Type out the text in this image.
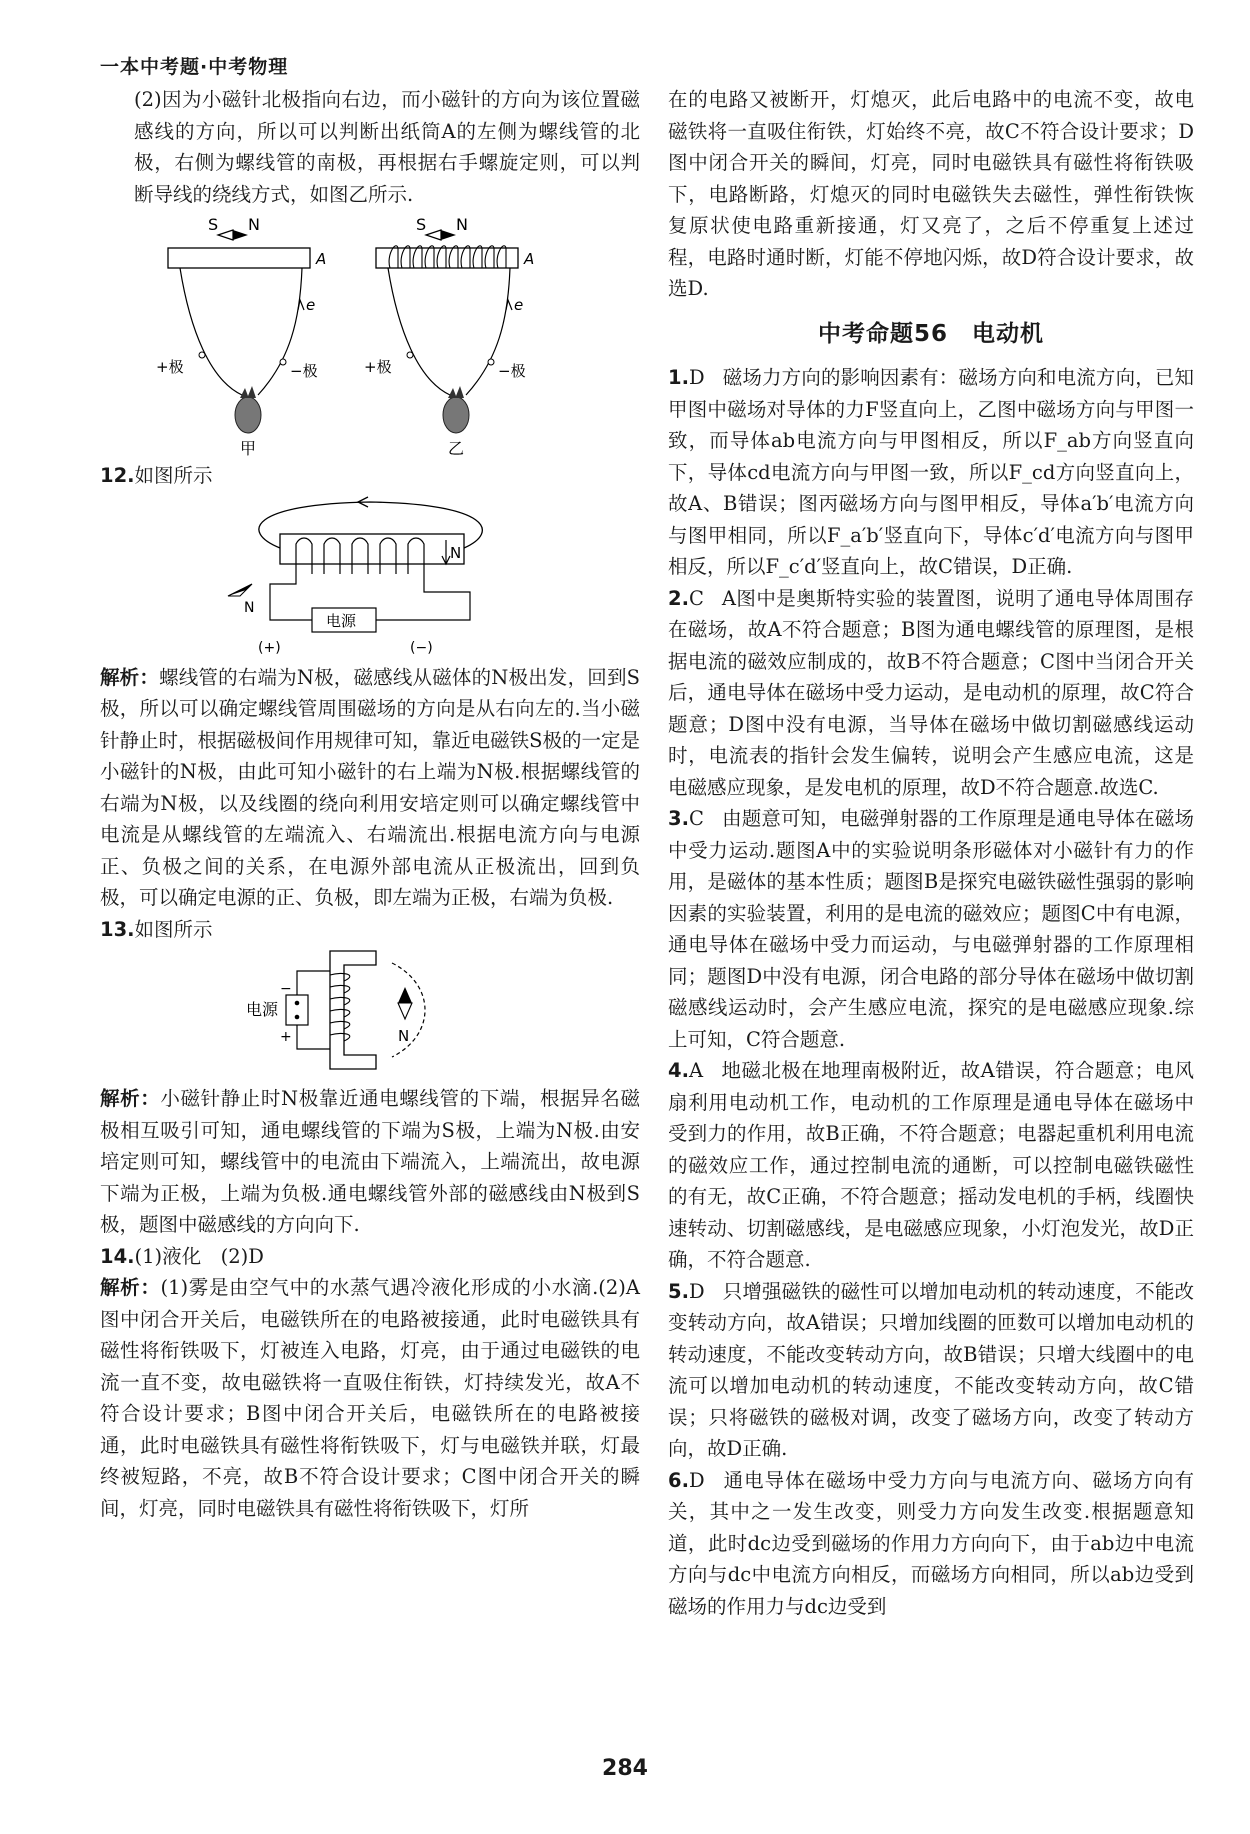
一本中考题·中考物理

(2)因为小磁针北极指向右边，而小磁针的方向为该位置磁感线的方向，所以可以判断出纸筒A的左侧为螺线管的北极，右侧为螺线管的南极，再根据右手螺旋定则，可以判断导线的绕线方式，如图乙所示.

S N
A
e
+极	−极
甲
S N
A
e
+极	−极
乙

12.如图所示

N
电源
(+)	(−)
N

解析：螺线管的右端为N极，磁感线从磁体的N极出发，回到S极，所以可以确定螺线管周围磁场的方向是从右向左的.当小磁针静止时，根据磁极间作用规律可知，靠近电磁铁S极的一定是小磁针的N极，由此可知小磁针的右上端为N极.根据螺线管的右端为N极，以及线圈的绕向利用安培定则可以确定螺线管中电流是从螺线管的左端流入、右端流出.根据电流方向与电源正、负极之间的关系，在电源外部电流从正极流出，回到负极，可以确定电源的正、负极，即左端为正极，右端为负极.

13.如图所示

电源
−
+	N

解析：小磁针静止时N极靠近通电螺线管的下端，根据异名磁极相互吸引可知，通电螺线管的下端为S极，上端为N极.由安培定则可知，螺线管中的电流由下端流入，上端流出，故电源下端为正极，上端为负极.通电螺线管外部的磁感线由N极到S极，题图中磁感线的方向向下.

14.(1)液化　(2)D

解析：(1)雾是由空气中的水蒸气遇冷液化形成的小水滴.(2)A图中闭合开关后，电磁铁所在的电路被接通，此时电磁铁具有磁性将衔铁吸下，灯被连入电路，灯亮，由于通过电磁铁的电流一直不变，故电磁铁将一直吸住衔铁，灯持续发光，故A不符合设计要求；B图中闭合开关后，电磁铁所在的电路被接通，此时电磁铁具有磁性将衔铁吸下，灯与电磁铁并联，灯最终被短路，不亮，故B不符合设计要求；C图中闭合开关的瞬间，灯亮，同时电磁铁具有磁性将衔铁吸下，灯所

在的电路又被断开，灯熄灭，此后电路中的电流不变，故电磁铁将一直吸住衔铁，灯始终不亮，故C不符合设计要求；D图中闭合开关的瞬间，灯亮，同时电磁铁具有磁性将衔铁吸下，电路断路，灯熄灭的同时电磁铁失去磁性，弹性衔铁恢复原状使电路重新接通，灯又亮了，之后不停重复上述过程，电路时通时断，灯能不停地闪烁，故D符合设计要求，故选D.

中考命题56　电动机

1.D 磁场力方向的影响因素有：磁场方向和电流方向，已知甲图中磁场对导体的力F竖直向上，乙图中磁场方向与甲图一致，而导体ab电流方向与甲图相反，所以F_ab方向竖直向下，导体cd电流方向与甲图一致，所以F_cd方向竖直向上，故A、B错误；图丙磁场方向与图甲相反，导体a′b′电流方向与图甲相同，所以F_a′b′竖直向下，导体c′d′电流方向与图甲相反，所以F_c′d′竖直向上，故C错误，D正确.

2.C A图中是奥斯特实验的装置图，说明了通电导体周围存在磁场，故A不符合题意；B图为通电螺线管的原理图，是根据电流的磁效应制成的，故B不符合题意；C图中当闭合开关后，通电导体在磁场中受力运动，是电动机的原理，故C符合题意；D图中没有电源，当导体在磁场中做切割磁感线运动时，电流表的指针会发生偏转，说明会产生感应电流，这是电磁感应现象，是发电机的原理，故D不符合题意.故选C.

3.C 由题意可知，电磁弹射器的工作原理是通电导体在磁场中受力运动.题图A中的实验说明条形磁体对小磁针有力的作用，是磁体的基本性质；题图B是探究电磁铁磁性强弱的影响因素的实验装置，利用的是电流的磁效应；题图C中有电源，通电导体在磁场中受力而运动，与电磁弹射器的工作原理相同；题图D中没有电源，闭合电路的部分导体在磁场中做切割磁感线运动时，会产生感应电流，探究的是电磁感应现象.综上可知，C符合题意.

4.A 地磁北极在地理南极附近，故A错误，符合题意；电风扇利用电动机工作，电动机的工作原理是通电导体在磁场中受到力的作用，故B正确，不符合题意；电器起重机利用电流的磁效应工作，通过控制电流的通断，可以控制电磁铁磁性的有无，故C正确，不符合题意；摇动发电机的手柄，线圈快速转动、切割磁感线，是电磁感应现象，小灯泡发光，故D正确，不符合题意.

5.D 只增强磁铁的磁性可以增加电动机的转动速度，不能改变转动方向，故A错误；只增加线圈的匝数可以增加电动机的转动速度，不能改变转动方向，故B错误；只增大线圈中的电流可以增加电动机的转动速度，不能改变转动方向，故C错误；只将磁铁的磁极对调，改变了磁场方向，改变了转动方向，故D正确.

6.D 通电导体在磁场中受力方向与电流方向、磁场方向有关，其中之一发生改变，则受力方向发生改变.根据题意知道，此时dc边受到磁场的作用力方向向下，由于ab边中电流方向与dc中电流方向相反，而磁场方向相同，所以ab边受到磁场的作用力与dc边受到

284
